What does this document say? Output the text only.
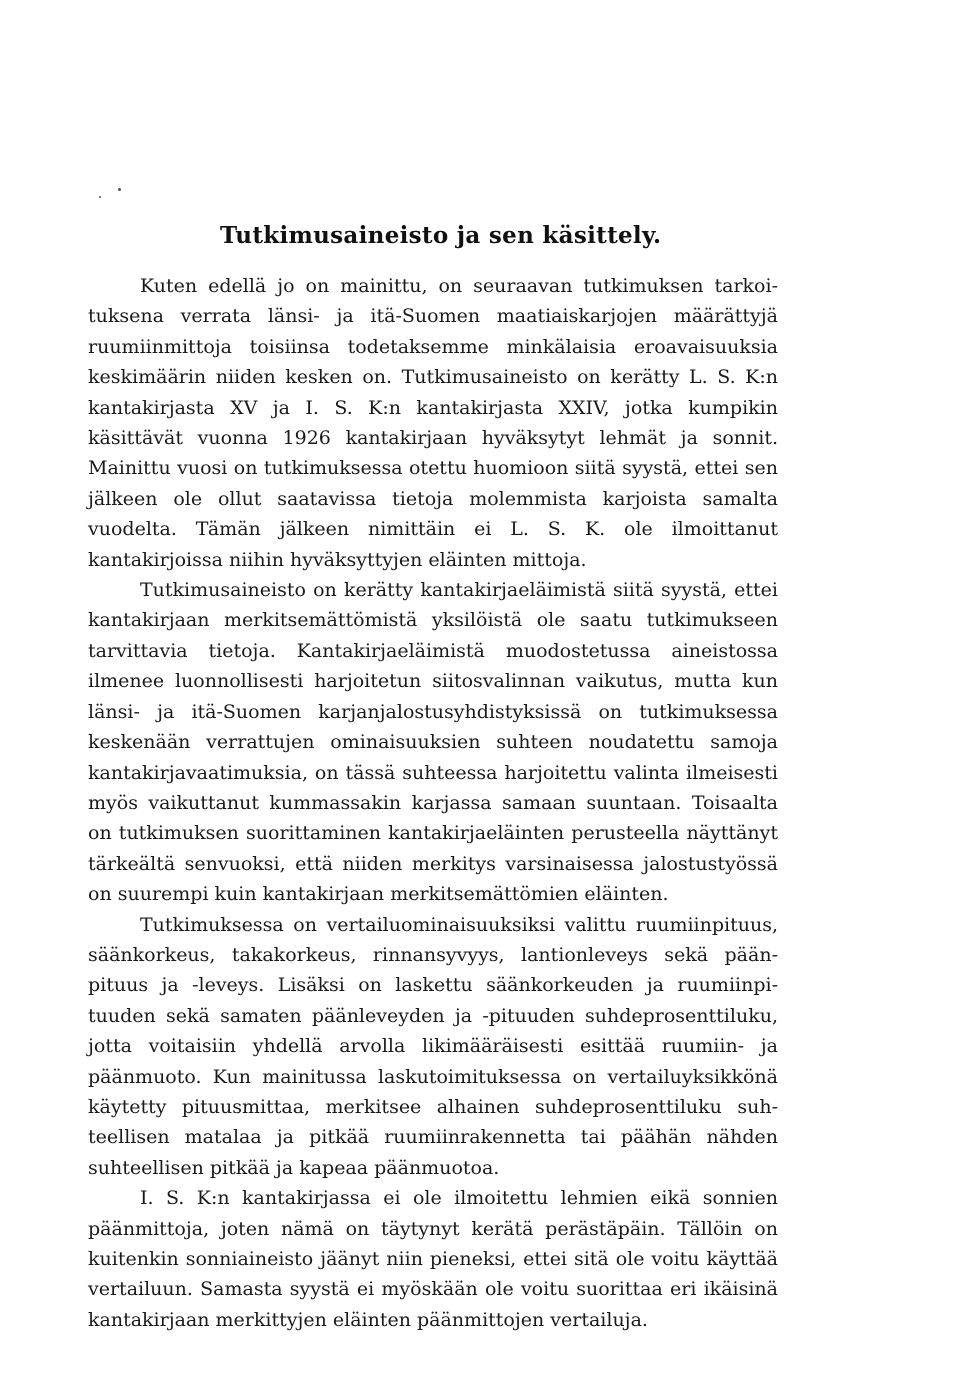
Tutkimusaineisto ja sen käsittely.

Kuten edellä jo on mainittu, on seuraavan tutkimuksen tarkoituksena verrata länsi- ja itä-Suomen maatiaiskarjojen määrättyjä ruumiinmittoja toisiinsa todetaksemme minkälaisia eroavaisuuksia keskimäärin niiden kesken on. Tutkimusaineisto on kerätty L. S. K:n kantakirjasta XV ja I. S. K:n kantakirjasta XXIV, jotka kumpikin käsittävät vuonna 1926 kantakirjaan hyväksytyt lehmät ja sonnit. Mainittu vuosi on tutkimuksessa otettu huomioon siitä syystä, ettei sen jälkeen ole ollut saatavissa tietoja molemmista karjoista samalta vuodelta. Tämän jälkeen nimittäin ei L. S. K. ole ilmoittanut kantakirjoissa niihin hyväksyttyjen eläinten mittoja.

Tutkimusaineisto on kerätty kantakirjaeläimistä siitä syystä, ettei kantakirjaan merkitsemättömistä yksilöistä ole saatu tutkimukseen tarvittavia tietoja. Kantakirjaeläimistä muodostetussa aineistossa ilmenee luonnollisesti harjoitetun siitosvalinnan vaikutus, mutta kun länsi- ja itä-Suomen karjanjalostusyhdistyksissä on tutkimuksessa keskenään verrattujen ominaisuuksien suhteen noudatettu samoja kantakirjavaatimuksia, on tässä suhteessa harjoitettu valinta ilmeisesti myös vaikuttanut kummassakin karjassa samaan suuntaan. Toisaalta on tutkimuksen suorittaminen kantakirjaeläinten perusteella näyttänyt tärkeältä senvuoksi, että niiden merkitys varsinaisessa jalostustyössä on suurempi kuin kantakirjaan merkitsemättömien eläinten.

Tutkimuksessa on vertailuominaisuuksiksi valittu ruumiinpituus, säänkorkeus, takakorkeus, rinnansyvyys, lantionleveys sekä päänpituus ja -leveys. Lisäksi on laskettu säänkorkeuden ja ruumiinpituuden sekä samaten päänleveyden ja -pituuden suhdeprosenttiluku, jotta voitaisiin yhdellä arvolla likimääräisesti esittää ruumiin- ja päänmuoto. Kun mainitussa laskutoimituksessa on vertailuyksikkönä käytetty pituusmittaa, merkitsee alhainen suhdeprosenttiluku suhteellisen matalaa ja pitkää ruumiinrakennetta tai päähän nähden suhteellisen pitkää ja kapeaa päänmuotoa.

I. S. K:n kantakirjassa ei ole ilmoitettu lehmien eikä sonnien päänmittoja, joten nämä on täytynyt kerätä perästäpäin. Tällöin on kuitenkin sonniaineisto jäänyt niin pieneksi, ettei sitä ole voitu käyttää vertailuun. Samasta syystä ei myöskään ole voitu suorittaa eri ikäisinä kantakirjaan merkittyjen eläinten päänmittojen vertailuja.
